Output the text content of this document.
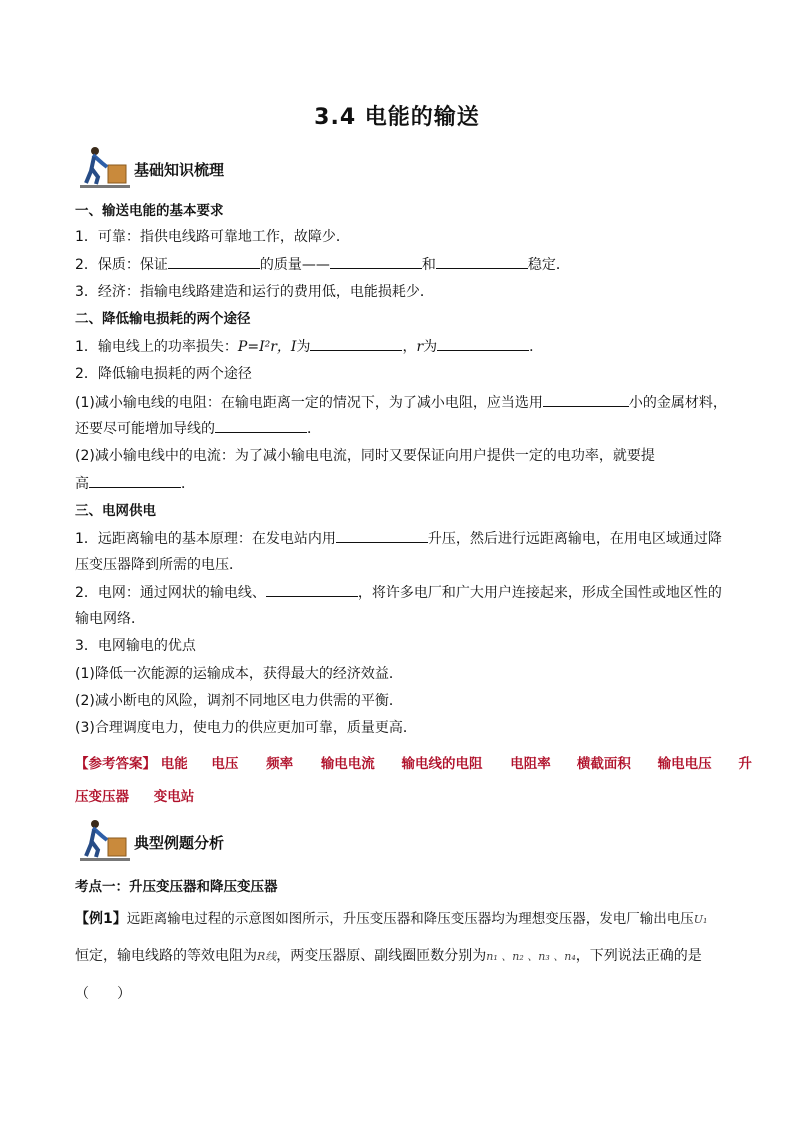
3.4 电能的输送
基础知识梳理
一、输送电能的基本要求
1．可靠：指供电线路可靠地工作，故障少．
2．保质：保证	的质量——	和	稳定．
3．经济：指输电线路建造和运行的费用低，电能损耗少．
二、降低输电损耗的两个途径
1．输电线上的功率损失：P=I²r，I为	，r为	．
2．降低输电损耗的两个途径
(1)减小输电线的电阻：在输电距离一定的情况下，为了减小电阻，应当选用	小的金属材料，
还要尽可能增加导线的	．
(2)减小输电线中的电流：为了减小输电电流，同时又要保证向用户提供一定的电功率，就要提
高	．
三、电网供电
1．远距离输电的基本原理：在发电站内用	升压，然后进行远距离输电，在用电区域通过降
压变压器降到所需的电压．
2．电网：通过网状的输电线、	，将许多电厂和广大用户连接起来，形成全国性或地区性的
输电网络．
3．电网输电的优点
(1)降低一次能源的运输成本，获得最大的经济效益．
(2)减小断电的风险，调剂不同地区电力供需的平衡．
(3)合理调度电力，使电力的供应更加可靠，质量更高．
【参考答案】 电能 电压 频率 输电电流 输电线的电阻 电阻率 横截面积 输电电压 升
压变压器 变电站
典型例题分析
考点一：升压变压器和降压变压器
【例1】远距离输电过程的示意图如图所示，升压变压器和降压变压器均为理想变压器，发电厂输出电压U₁
恒定，输电线路的等效电阻为R线，两变压器原、副线圈匝数分别为n₁ 、n₂ 、n₃ 、n₄，下列说法正确的是
（　　）
